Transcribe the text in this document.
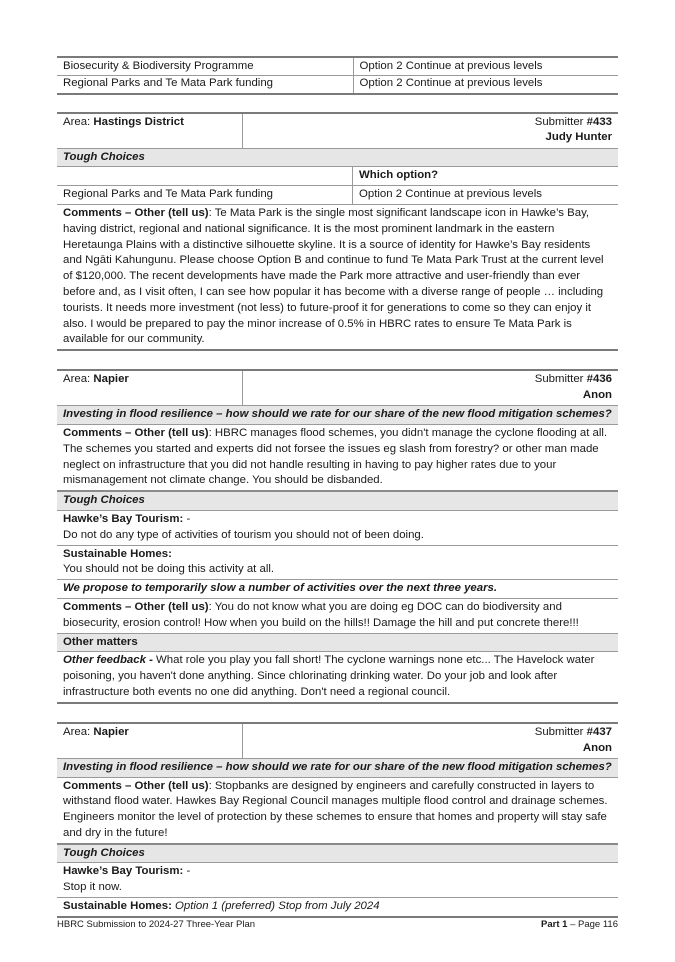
Biosecurity & Biodiversity Programme	Option 2 Continue at previous levels
Regional Parks and Te Mata Park funding	Option 2 Continue at previous levels
Area: Hastings District	Submitter #433
Judy Hunter
Tough Choices

Which option?
Regional Parks and Te Mata Park funding	Option 2 Continue at previous levels
Comments – Other (tell us): Te Mata Park is the single most significant landscape icon in Hawke’s Bay, having district, regional and national significance. It is the most prominent landmark in the eastern Heretaunga Plains with a distinctive silhouette skyline. It is a source of identity for Hawke’s Bay residents and Ngāti Kahungunu. Please choose Option B and continue to fund Te Mata Park Trust at the current level of $120,000. The recent developments have made the Park more attractive and user-friendly than ever before and, as I visit often, I can see how popular it has become with a diverse range of people … including tourists. It needs more investment (not less) to future-proof it for generations to come so they can enjoy it also. I would be prepared to pay the minor increase of 0.5% in HBRC rates to ensure Te Mata Park is available for our community.
Area: Napier	Submitter #436
Anon
Investing in flood resilience – how should we rate for our share of the new flood mitigation schemes?
Comments – Other (tell us): HBRC manages flood schemes, you didn't manage the cyclone flooding at all. The schemes you started and experts did not forsee the issues eg slash from forestry? or other man made neglect on infrastructure that you did not handle resulting in having to pay higher rates due to your mismanagement not climate change. You should be disbanded.
Tough Choices
Hawke’s Bay Tourism: -
Do not do any type of activities of tourism you should not of been doing.
Sustainable Homes:
You should not be doing this activity at all.
We propose to temporarily slow a number of activities over the next three years.
Comments – Other (tell us): You do not know what you are doing eg DOC can do biodiversity and biosecurity, erosion control! How when you build on the hills!! Damage the hill and put concrete there!!!
Other matters
Other feedback - What role you play you fall short! The cyclone warnings none etc... The Havelock water poisoning, you haven't done anything. Since chlorinating drinking water. Do your job and look after infrastructure both events no one did anything. Don't need a regional council.
Area: Napier	Submitter #437
Anon
Investing in flood resilience – how should we rate for our share of the new flood mitigation schemes?
Comments – Other (tell us): Stopbanks are designed by engineers and carefully constructed in layers to withstand flood water. Hawkes Bay Regional Council manages multiple flood control and drainage schemes. Engineers monitor the level of protection by these schemes to ensure that homes and property will stay safe and dry in the future!
Tough Choices
Hawke’s Bay Tourism: -
Stop it now.
Sustainable Homes: Option 1 (preferred) Stop from July 2024
HBRC Submission to 2024-27 Three-Year Plan	Part 1 – Page 116
